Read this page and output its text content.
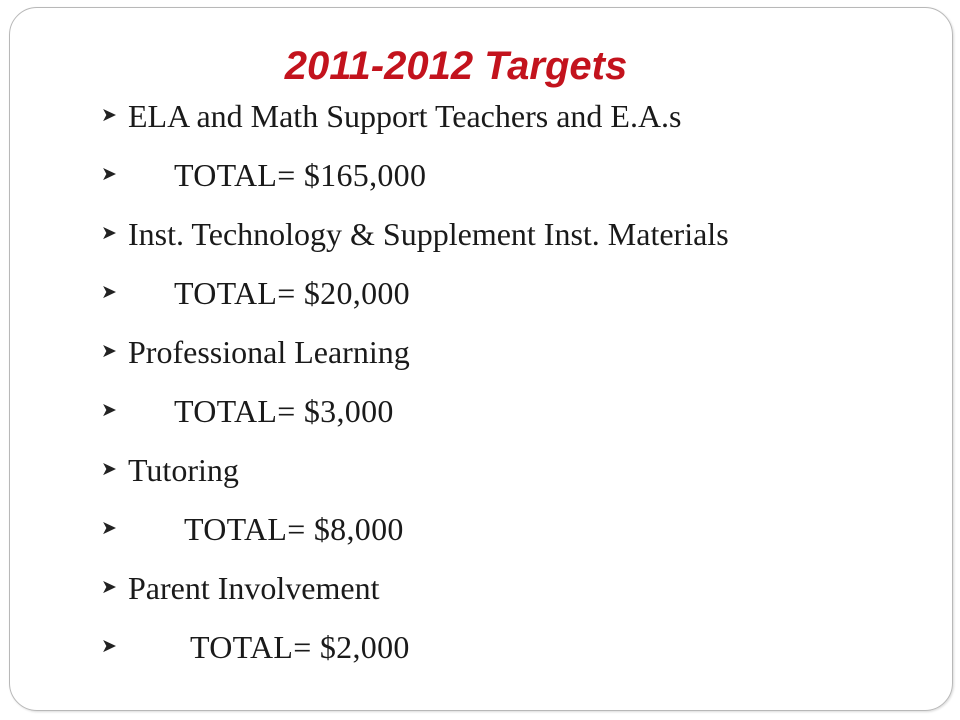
2011-2012 Targets
➤ ELA and Math Support Teachers and E.A.s
➤	TOTAL= $165,000
➤ Inst. Technology & Supplement Inst. Materials
➤	TOTAL= $20,000
➤ Professional Learning
➤	TOTAL= $3,000
➤ Tutoring
➤	TOTAL= $8,000
➤ Parent Involvement
➤	TOTAL= $2,000
